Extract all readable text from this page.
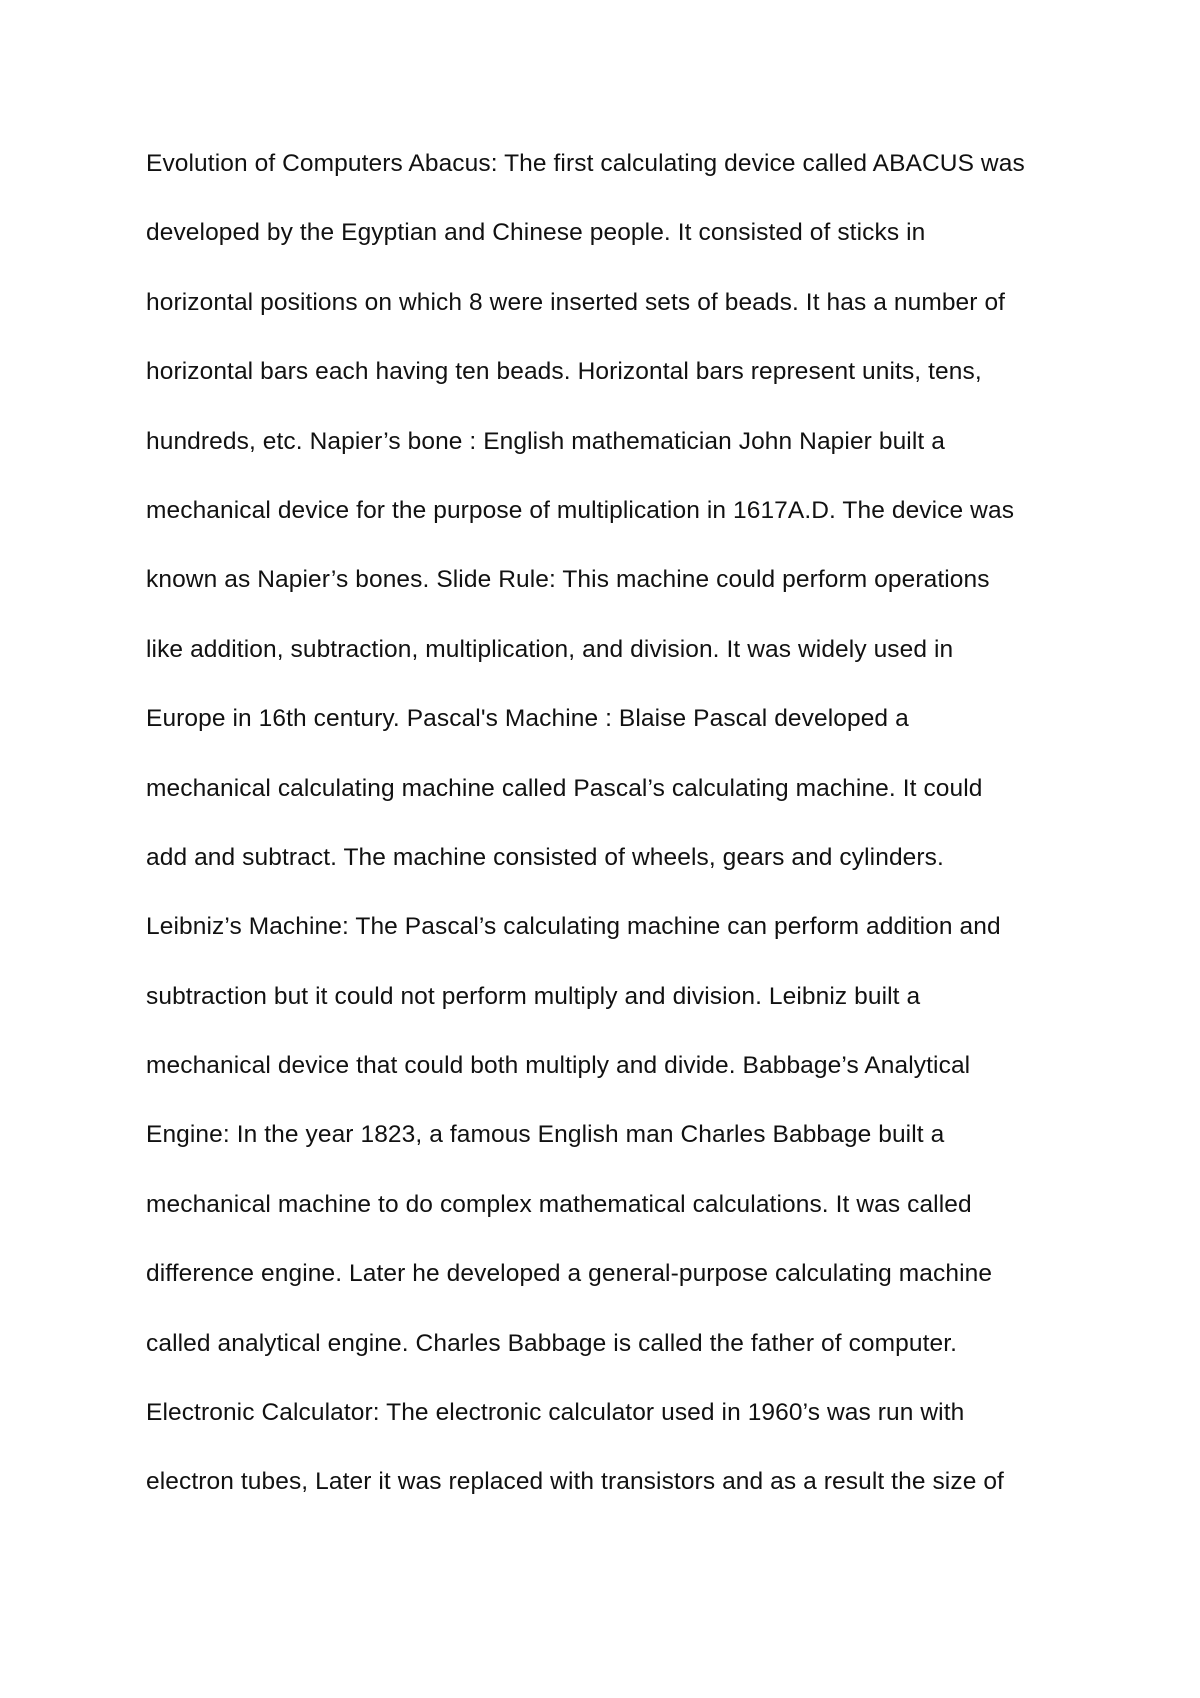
Evolution of Computers Abacus: The first calculating device called ABACUS was
developed by the Egyptian and Chinese people. It consisted of sticks in
horizontal positions on which 8 were inserted sets of beads. It has a number of
horizontal bars each having ten beads. Horizontal bars represent units, tens,
hundreds, etc. Napier’s bone : English mathematician John Napier built a
mechanical device for the purpose of multiplication in 1617A.D. The device was
known as Napier’s bones. Slide Rule: This machine could perform operations
like addition, subtraction, multiplication, and division. It was widely used in
Europe in 16th century. Pascal's Machine : Blaise Pascal developed a
mechanical calculating machine called Pascal’s calculating machine. It could
add and subtract. The machine consisted of wheels, gears and cylinders.
Leibniz’s Machine: The Pascal’s calculating machine can perform addition and
subtraction but it could not perform multiply and division. Leibniz built a
mechanical device that could both multiply and divide. Babbage’s Analytical
Engine: In the year 1823, a famous English man Charles Babbage built a
mechanical machine to do complex mathematical calculations. It was called
difference engine. Later he developed a general-purpose calculating machine
called analytical engine. Charles Babbage is called the father of computer.
Electronic Calculator: The electronic calculator used in 1960’s was run with
electron tubes, Later it was replaced with transistors and as a result the size of
